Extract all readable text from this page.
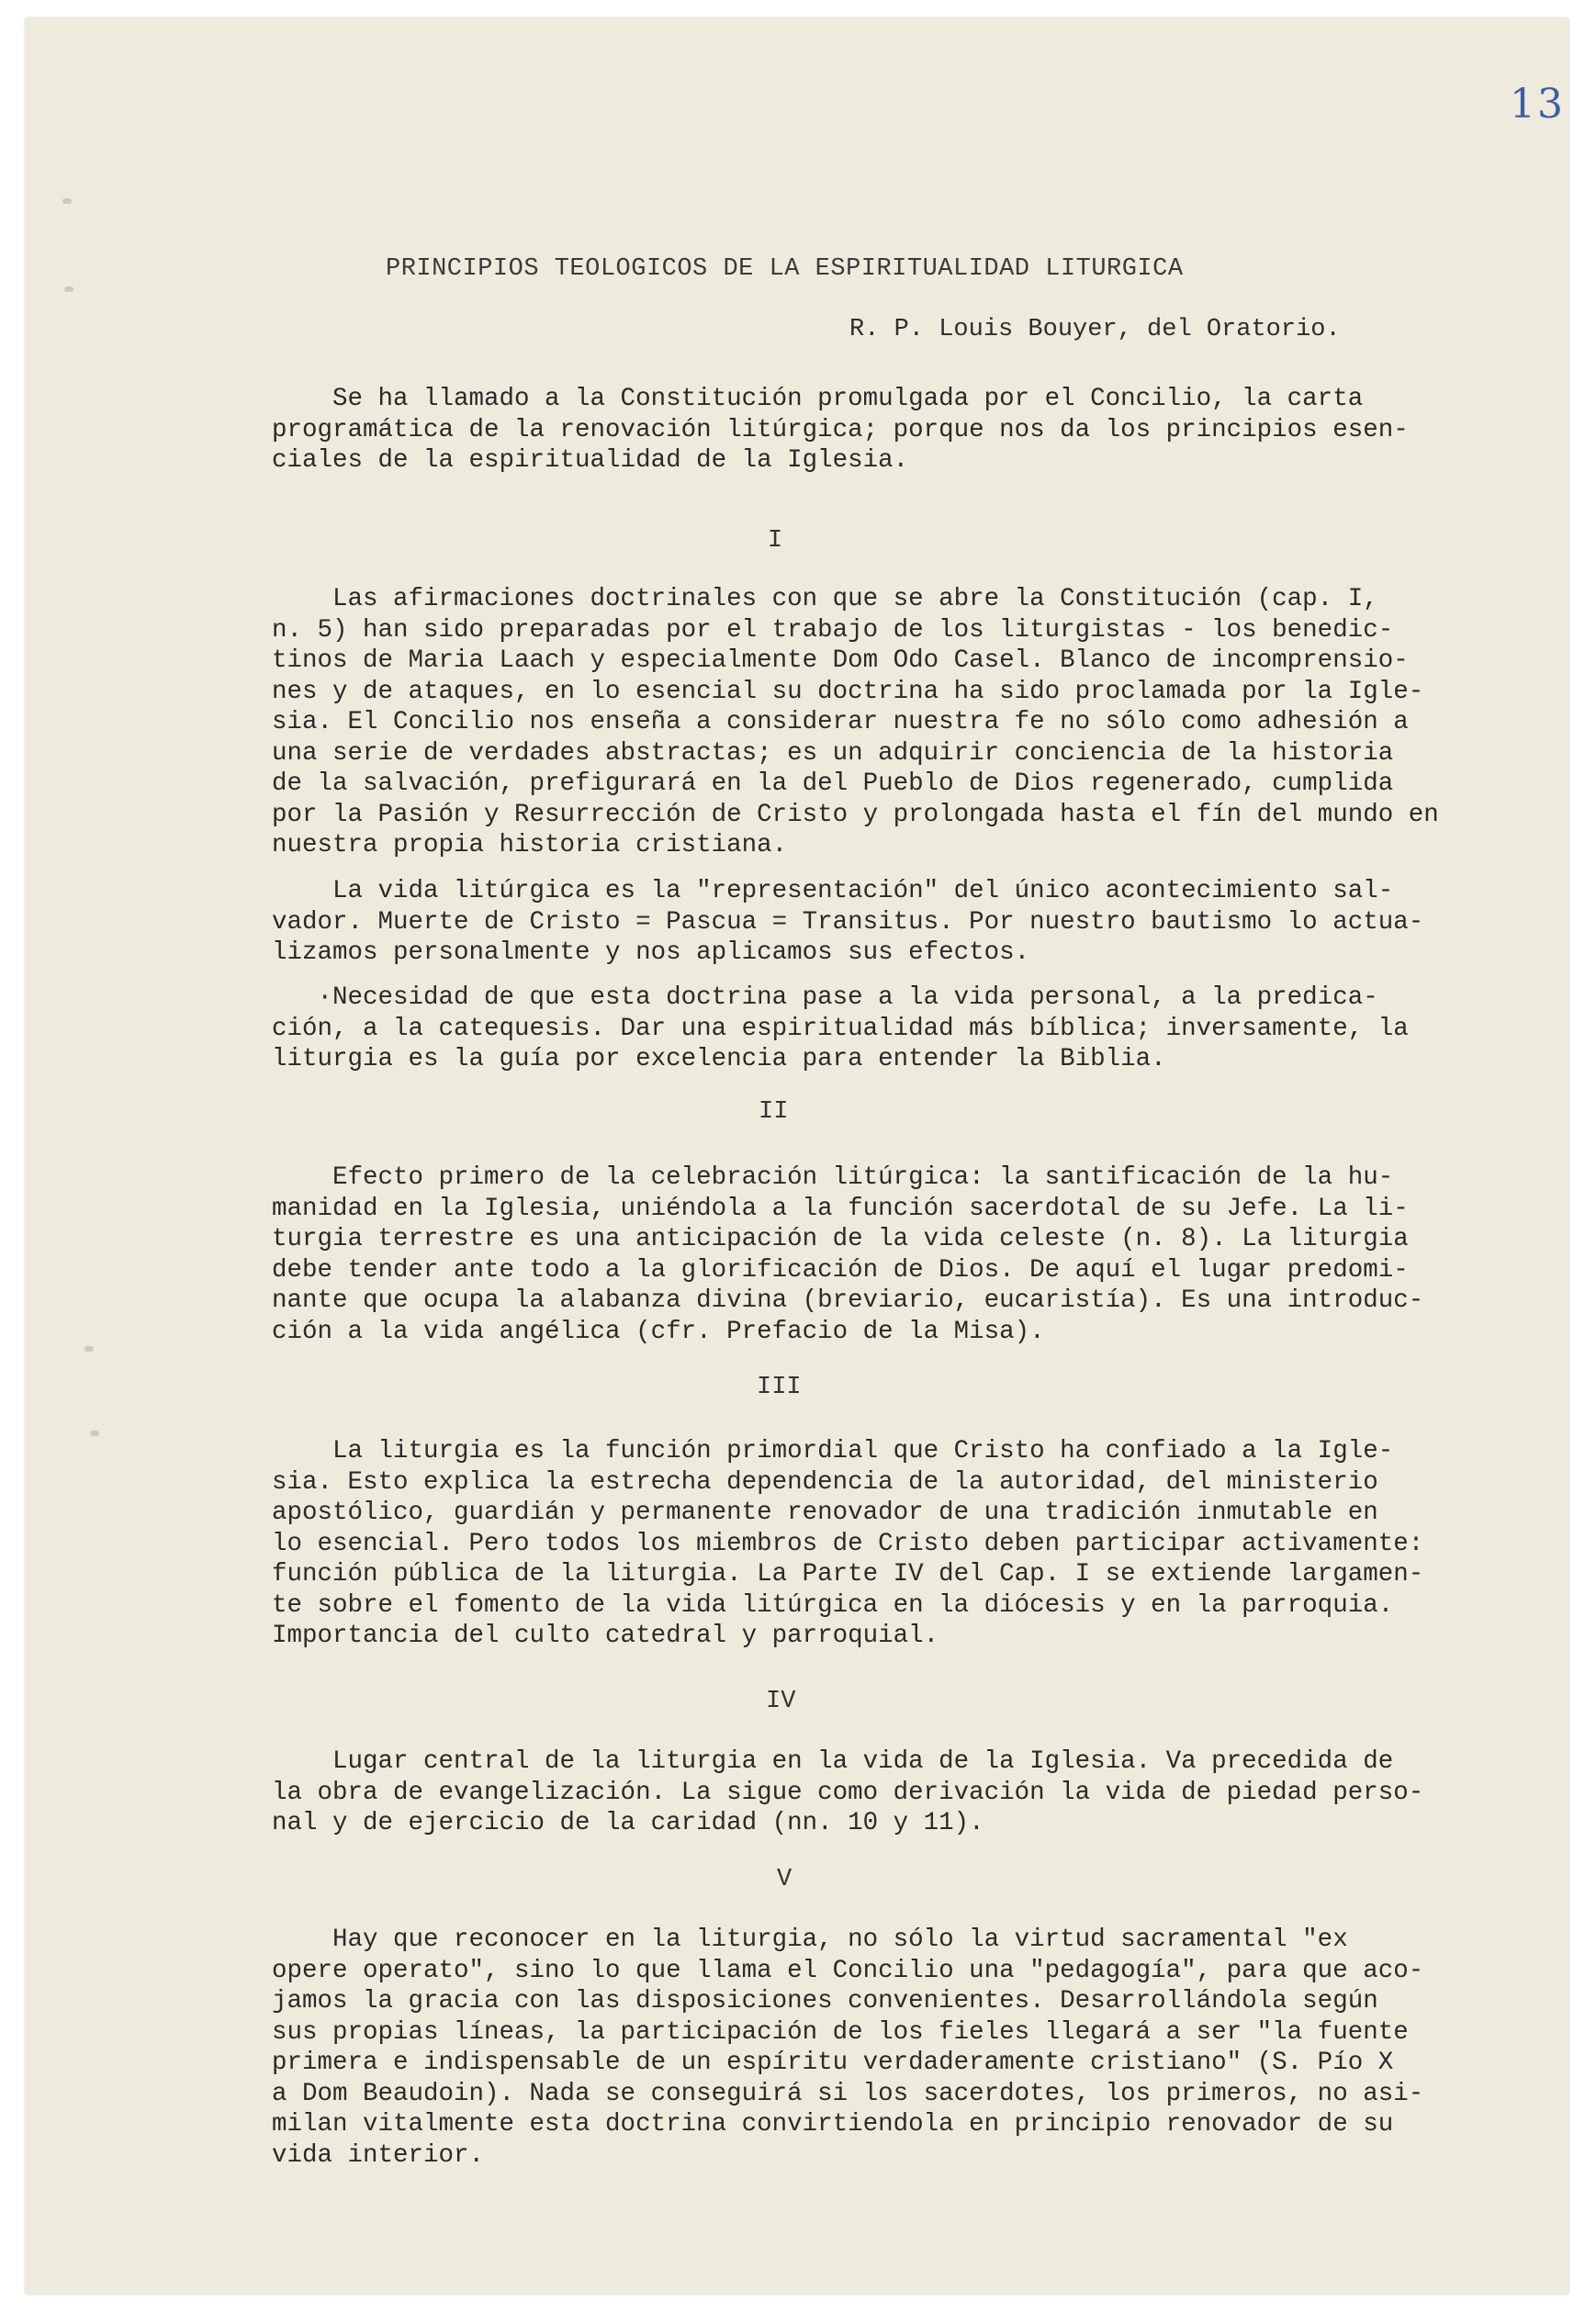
13
PRINCIPIOS TEOLOGICOS DE LA ESPIRITUALIDAD LITURGICA
R. P. Louis Bouyer, del Oratorio.

Se ha llamado a la Constitución promulgada por el Concilio, la carta
programática de la renovación litúrgica; porque nos da los principios esen-
ciales de la espiritualidad de la Iglesia.

I

Las afirmaciones doctrinales con que se abre la Constitución (cap. I,
n. 5) han sido preparadas por el trabajo de los liturgistas - los benedic-
tinos de Maria Laach y especialmente Dom Odo Casel. Blanco de incomprensio-
nes y de ataques, en lo esencial su doctrina ha sido proclamada por la Igle-
sia. El Concilio nos enseña a considerar nuestra fe no sólo como adhesión a
una serie de verdades abstractas; es un adquirir conciencia de la historia
de la salvación, prefigurará en la del Pueblo de Dios regenerado, cumplida
por la Pasión y Resurrección de Cristo y prolongada hasta el fín del mundo en
nuestra propia historia cristiana.

La vida litúrgica es la "representación" del único acontecimiento sal-
vador. Muerte de Cristo = Pascua = Transitus. Por nuestro bautismo lo actua-
lizamos personalmente y nos aplicamos sus efectos.

·Necesidad de que esta doctrina pase a la vida personal, a la predica-
ción, a la catequesis. Dar una espiritualidad más bíblica; inversamente, la
liturgia es la guía por excelencia para entender la Biblia.

II

Efecto primero de la celebración litúrgica: la santificación de la hu-
manidad en la Iglesia, uniéndola a la función sacerdotal de su Jefe. La li-
turgia terrestre es una anticipación de la vida celeste (n. 8). La liturgia
debe tender ante todo a la glorificación de Dios. De aquí el lugar predomi-
nante que ocupa la alabanza divina (breviario, eucaristía). Es una introduc-
ción a la vida angélica (cfr. Prefacio de la Misa).

III

La liturgia es la función primordial que Cristo ha confiado a la Igle-
sia. Esto explica la estrecha dependencia de la autoridad, del ministerio
apostólico, guardián y permanente renovador de una tradición inmutable en
lo esencial. Pero todos los miembros de Cristo deben participar activamente:
función pública de la liturgia. La Parte IV del Cap. I se extiende largamen-
te sobre el fomento de la vida litúrgica en la diócesis y en la parroquia.
Importancia del culto catedral y parroquial.

IV

Lugar central de la liturgia en la vida de la Iglesia. Va precedida de
la obra de evangelización. La sigue como derivación la vida de piedad perso-
nal y de ejercicio de la caridad (nn. 10 y 11).

V

Hay que reconocer en la liturgia, no sólo la virtud sacramental "ex
opere operato", sino lo que llama el Concilio una "pedagogía", para que aco-
jamos la gracia con las disposiciones convenientes. Desarrollándola según
sus propias líneas, la participación de los fieles llegará a ser "la fuente
primera e indispensable de un espíritu verdaderamente cristiano" (S. Pío X
a Dom Beaudoin). Nada se conseguirá si los sacerdotes, los primeros, no asi-
milan vitalmente esta doctrina convirtiendola en principio renovador de su
vida interior.
